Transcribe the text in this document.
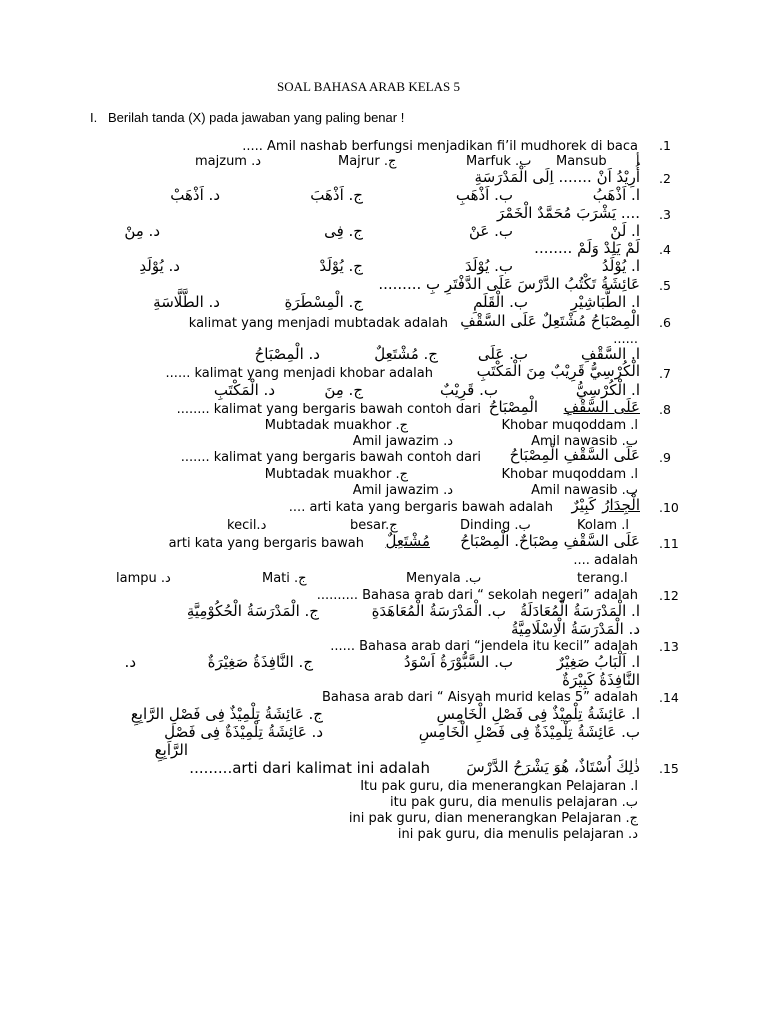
SOAL BAHASA ARAB KELAS 5
I. Berilah tanda (X) pada jawaban yang paling benar !
.1
..... Amil nashab berfungsi menjadikan fi’il mudhorek di baca
majzum .د	Majrur .ج	Marfuk .ب Mansub أ
.2
أُرِيْدُ اَنْ ....... اِلَى الْمَدْرَسَةِ
د. اَذْهَبْ	ج. اَذْهَبَ	ب. اَذْهَبِ	ا. اَذْهَبُ
.3
.... يَشْرَبَ مُحَمَّدٌ الْخَمْرَ
د. مِنْ	ج. فِى	ب. عَنْ	ا. لَنْ
.4
لَمْ يَلِدْ وَلَمْ ........
د. يُوْلَدِ	ج. يُوْلَدْ	ب. يُوْلَدَ	ا. يُوْلَدُ
.5
عَائِشَةُ تَكْتُبُ الدَّرْسَ عَلَى الدَّفْتَرِ بِ .........
د. الطَّلَّاسَةِ	ج. الْمِسْطَرَةِ	ب. الْقَلَمِ	ا. الطَّبَاشِيْرِ
.6
الْمِصْبَاحُ مُشْتَعِلٌ عَلَى السَّقْفِ
kalimat yang menjadi mubtadak adalah
......
د. الْمِصْبَاحُ	ج. مُشْتَعِلٌ	ب. عَلَى	ا. السَّقْفِ
.7
الْكُرْسِيُّ قَرِيْبٌ مِنَ الْمَكْتَبِ
...... kalimat yang menjadi khobar adalah
د. الْمَكْتَبِ	ج. مِنَ	ب. قَرِيْبٌ	ا. الْكُرْسِيُّ
.8
عَلَى السَّقْفِ
الْمِصْبَاحُ
........ kalimat yang bergaris bawah contoh dari
Mubtadak muakhor .ج	Khobar muqoddam .ا
Amil jawazim .د	Amil nawasib .ب
.9
عَلَى السَّقْفِ الْمِصْبَاحُ
....... kalimat yang bergaris bawah contoh dari
Mubtadak muakhor .ج	Khobar muqoddam .ا
Amil jawazim .د	Amil nawasib .ب
.10
الْجِدَارُ
كَبِيْرٌ
.... arti kata yang bergaris bawah adalah
kecil.د	besar.ج	Dinding .ب	Kolam .ا
.11
عَلَى السَّقْفِ مِصْبَاحٌ. الْمِصْبَاحُ
مُشْتَعِلٌ
arti kata yang bergaris bawah
.... adalah
lampu .د	Mati .ج	Menyala .ب	terang.ا
.12
.......... Bahasa arab dari “ sekolah negeri” adalah
ا. الْمَدْرَسَةُ الْمُعَادَلَةُ
ب. الْمَدْرَسَةُ الْمُعَاهَدَةِ
ج. الْمَدْرَسَةُ الْحُكُوْمِيَّةِ
د. الْمَدْرَسَةُ الْاِسْلَامِيَّةُ
.13
...... Bahasa arab dari “jendela itu kecil” adalah
ا. اَلْبَابُ صَغِيْرٌ
ب. السَّبُّوْرَةُ اَسْوَدُ
ج. النَّافِذَةُ صَغِيْرَةٌ
د.
النَّافِذَةُ كَبِيْرَةٌ
.14
Bahasa arab dari “ Aisyah murid kelas 5” adalah
ا. عَائِشَةُ تِلْمِيْذٌ فِى فَصْلِ الْخَامِسِ
ج. عَائِشَةُ تِلْمِيْذٌ فِى فَصْلِ الرَّابِعِ
ب. عَائِشَةُ تِلْمِيْذَةٌ فِى فَصْلِ الْخَامِسِ
د. عَائِشَةُ تِلْمِيْذَةٌ فِى فَصْلِ
الرَّابِعِ
.15
ذٰلِكَ اُسْتَاذٌ، هُوَ يَشْرَحُ الدَّرْسَ
.........arti dari kalimat ini adalah
Itu pak guru, dia menerangkan Pelajaran .ا
itu pak guru, dia menulis pelajaran .ب
ini pak guru, dian menerangkan Pelajaran .ج
ini pak guru, dia menulis pelajaran .د
